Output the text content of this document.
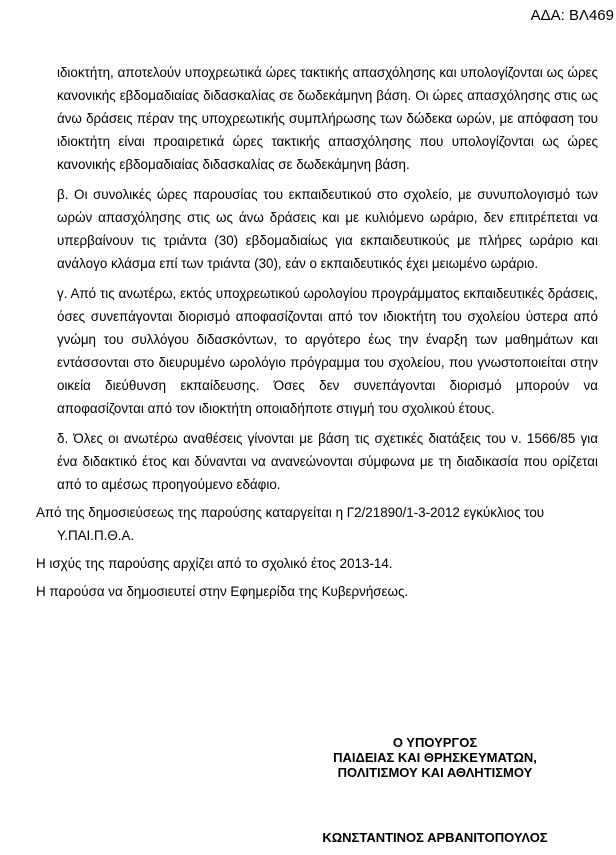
ΑΔΑ: ΒΛ469

ιδιοκτήτη, αποτελούν υποχρεωτικά ώρες τακτικής απασχόλησης και υπολογίζονται ως ώρες κανονικής εβδομαδιαίας διδασκαλίας σε δωδεκάμηνη βάση. Οι ώρες απασχόλησης στις ως άνω δράσεις πέραν της υποχρεωτικής συμπλήρωσης των δώδεκα ωρών, με απόφαση του ιδιοκτήτη είναι προαιρετικά ώρες τακτικής απασχόλησης που υπολογίζονται ως ώρες κανονικής εβδομαδιαίας διδασκαλίας σε δωδεκάμηνη βάση.

β. Οι συνολικές ώρες παρουσίας του εκπαιδευτικού στο σχολείο, με συνυπολογισμό των ωρών απασχόλησης στις ως άνω δράσεις και με κυλιόμενο ωράριο, δεν επιτρέπεται να υπερβαίνουν τις τριάντα (30) εβδομαδιαίως για εκπαιδευτικούς με πλήρες ωράριο και ανάλογο κλάσμα επί των τριάντα (30), εάν ο εκπαιδευτικός έχει μειωμένο ωράριο.

γ. Από τις ανωτέρω, εκτός υποχρεωτικού ωρολογίου προγράμματος εκπαιδευτικές δράσεις, όσες συνεπάγονται διορισμό αποφασίζονται από τον ιδιοκτήτη του σχολείου ύστερα από γνώμη του συλλόγου διδασκόντων, το αργότερο έως την έναρξη των μαθημάτων και εντάσσονται στο διευρυμένο ωρολόγιο πρόγραμμα του σχολείου, που γνωστοποιείται στην οικεία διεύθυνση εκπαίδευσης. Όσες δεν συνεπάγονται διορισμό μπορούν να αποφασίζονται από τον ιδιοκτήτη οποιαδήποτε στιγμή του σχολικού έτους.

δ. Όλες οι ανωτέρω αναθέσεις γίνονται με βάση τις σχετικές διατάξεις του ν. 1566/85 για ένα διδακτικό έτος και δύνανται να ανανεώνονται σύμφωνα με τη διαδικασία που ορίζεται από το αμέσως προηγούμενο εδάφιο.

Από της δημοσιεύσεως της παρούσης καταργείται η Γ2/21890/1-3-2012 εγκύκλιος του Υ.ΠΑΙ.Π.Θ.Α.

Η ισχύς της παρούσης αρχίζει από το σχολικό έτος 2013-14.

Η παρούσα να δημοσιευτεί στην Εφημερίδα της Κυβερνήσεως.

Ο ΥΠΟΥΡΓΟΣ

ΠΑΙΔΕΙΑΣ ΚΑΙ ΘΡΗΣΚΕΥΜΑΤΩΝ,

ΠΟΛΙΤΙΣΜΟΥ ΚΑΙ ΑΘΛΗΤΙΣΜΟΥ

ΚΩΝΣΤΑΝΤΙΝΟΣ ΑΡΒΑΝΙΤΟΠΟΥΛΟΣ
